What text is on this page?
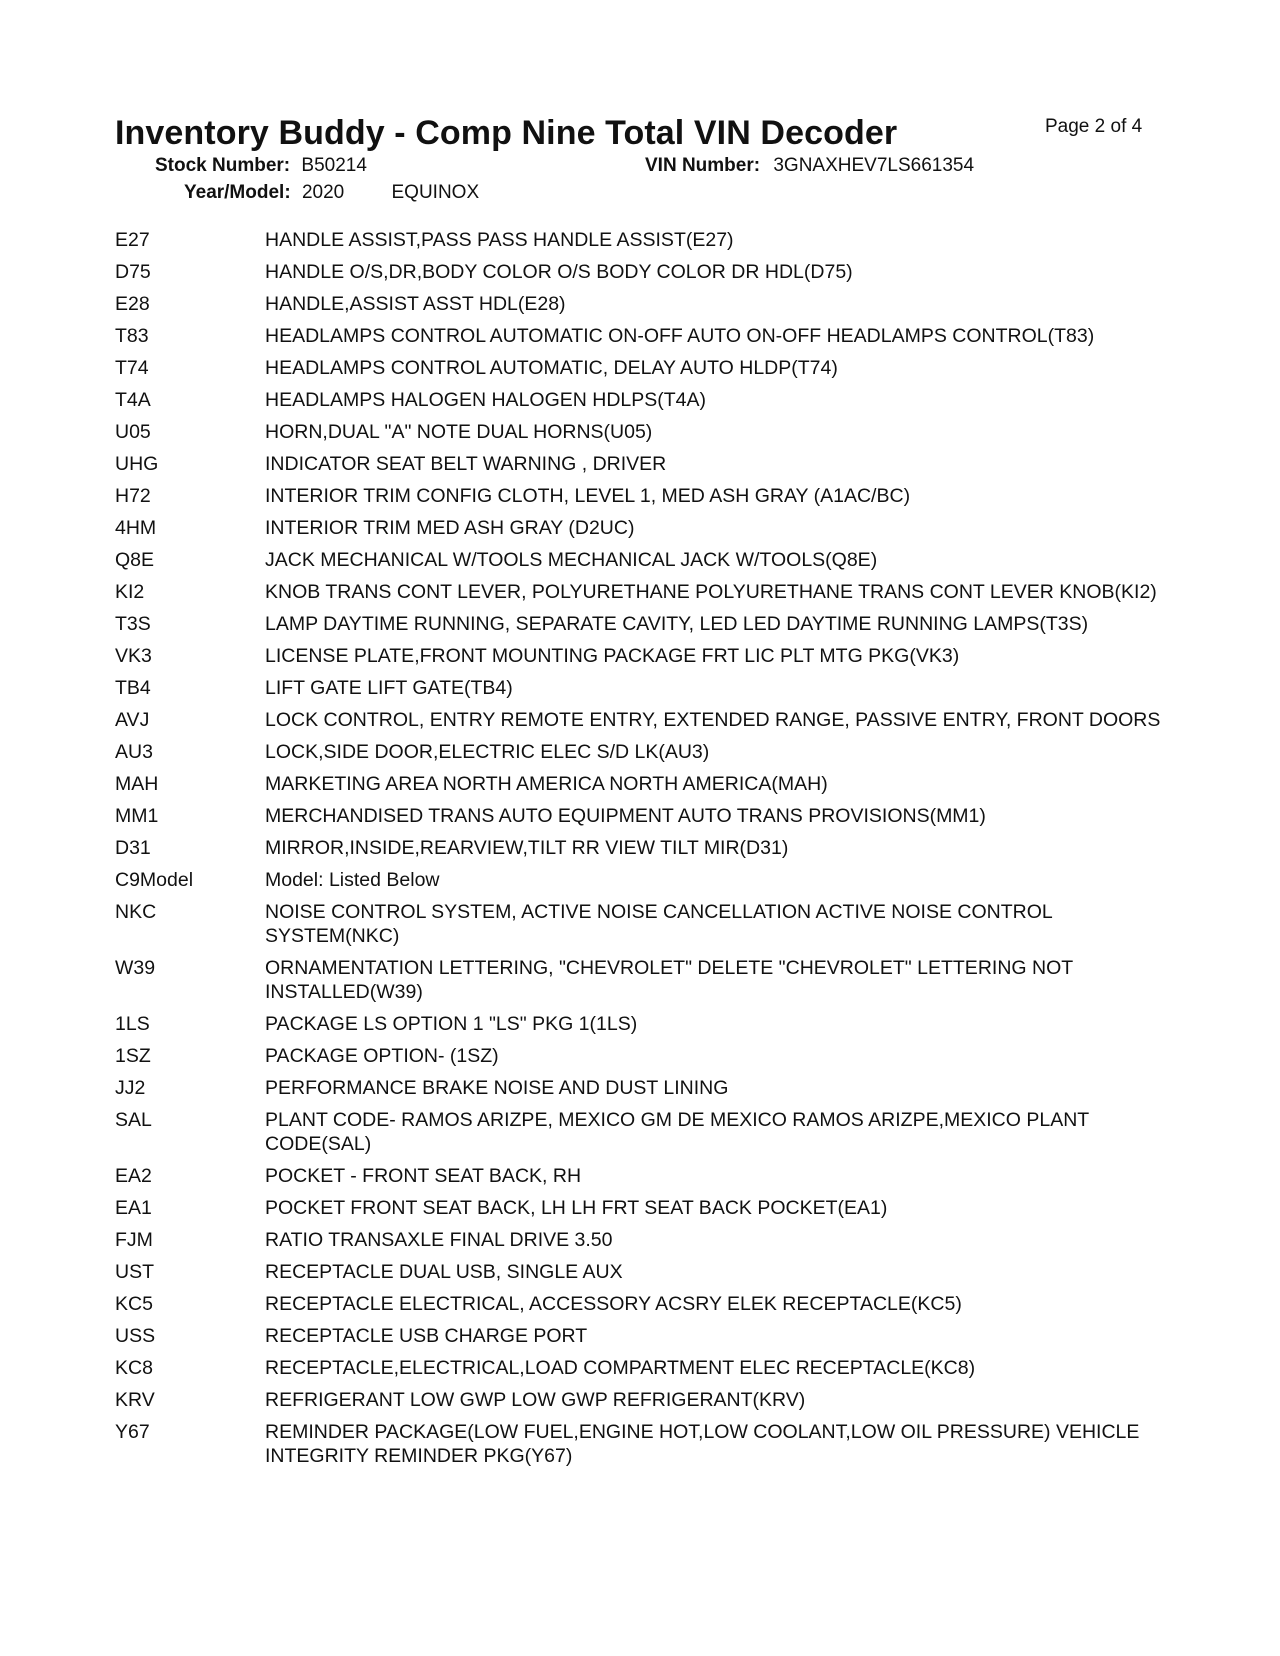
Inventory Buddy - Comp Nine Total VIN Decoder	Page 2 of 4
Stock Number: B50214	VIN Number: 3GNAXHEV7LS661354
Year/Model: 2020 EQUINOX
E27	HANDLE ASSIST,PASS PASS HANDLE ASSIST(E27)
D75	HANDLE O/S,DR,BODY COLOR O/S BODY COLOR DR HDL(D75)
E28	HANDLE,ASSIST ASST HDL(E28)
T83	HEADLAMPS CONTROL AUTOMATIC ON-OFF AUTO ON-OFF HEADLAMPS CONTROL(T83)
T74	HEADLAMPS CONTROL AUTOMATIC, DELAY AUTO HLDP(T74)
T4A	HEADLAMPS HALOGEN HALOGEN HDLPS(T4A)
U05	HORN,DUAL "A" NOTE DUAL HORNS(U05)
UHG	INDICATOR SEAT BELT WARNING , DRIVER
H72	INTERIOR TRIM CONFIG CLOTH, LEVEL 1, MED ASH GRAY (A1AC/BC)
4HM	INTERIOR TRIM MED ASH GRAY (D2UC)
Q8E	JACK MECHANICAL W/TOOLS MECHANICAL JACK W/TOOLS(Q8E)
KI2	KNOB TRANS CONT LEVER, POLYURETHANE POLYURETHANE TRANS CONT LEVER KNOB(KI2)
T3S	LAMP DAYTIME RUNNING, SEPARATE CAVITY, LED LED DAYTIME RUNNING LAMPS(T3S)
VK3	LICENSE PLATE,FRONT MOUNTING PACKAGE FRT LIC PLT MTG PKG(VK3)
TB4	LIFT GATE LIFT GATE(TB4)
AVJ	LOCK CONTROL, ENTRY REMOTE ENTRY, EXTENDED RANGE, PASSIVE ENTRY, FRONT DOORS
AU3	LOCK,SIDE DOOR,ELECTRIC ELEC S/D LK(AU3)
MAH	MARKETING AREA NORTH AMERICA NORTH AMERICA(MAH)
MM1	MERCHANDISED TRANS AUTO EQUIPMENT AUTO TRANS PROVISIONS(MM1)
D31	MIRROR,INSIDE,REARVIEW,TILT RR VIEW TILT MIR(D31)
C9Model	Model: Listed Below
NKC	NOISE CONTROL SYSTEM, ACTIVE NOISE CANCELLATION ACTIVE NOISE CONTROL SYSTEM(NKC)
W39	ORNAMENTATION LETTERING, "CHEVROLET" DELETE "CHEVROLET" LETTERING NOT INSTALLED(W39)
1LS	PACKAGE LS OPTION 1 "LS" PKG 1(1LS)
1SZ	PACKAGE OPTION- (1SZ)
JJ2	PERFORMANCE BRAKE NOISE AND DUST LINING
SAL	PLANT CODE- RAMOS ARIZPE, MEXICO GM DE MEXICO RAMOS ARIZPE,MEXICO PLANT CODE(SAL)
EA2	POCKET - FRONT SEAT BACK, RH
EA1	POCKET FRONT SEAT BACK, LH LH FRT SEAT BACK POCKET(EA1)
FJM	RATIO TRANSAXLE FINAL DRIVE 3.50
UST	RECEPTACLE DUAL USB, SINGLE AUX
KC5	RECEPTACLE ELECTRICAL, ACCESSORY ACSRY ELEK RECEPTACLE(KC5)
USS	RECEPTACLE USB CHARGE PORT
KC8	RECEPTACLE,ELECTRICAL,LOAD COMPARTMENT ELEC RECEPTACLE(KC8)
KRV	REFRIGERANT LOW GWP LOW GWP REFRIGERANT(KRV)
Y67	REMINDER PACKAGE(LOW FUEL,ENGINE HOT,LOW COOLANT,LOW OIL PRESSURE) VEHICLE INTEGRITY REMINDER PKG(Y67)
